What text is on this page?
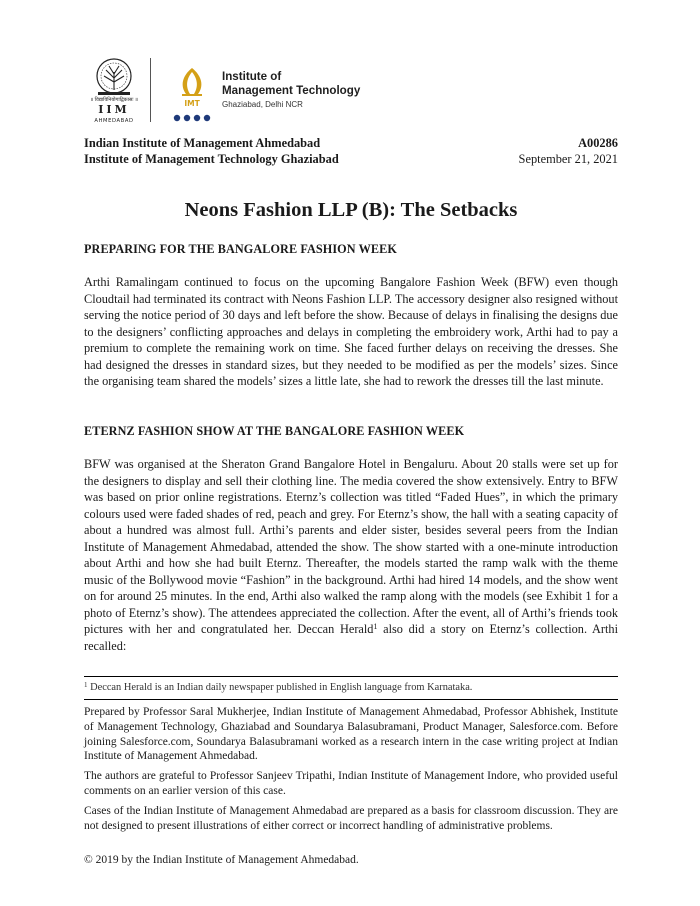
॥ विद्याविनियोगाद्विकासः ॥
IIM
AHMEDABAD
IMT
Institute of
Management Technology
Ghaziabad, Delhi NCR
Indian Institute of Management Ahmedabad	A00286
Institute of Management Technology Ghaziabad	September 21, 2021
Neons Fashion LLP (B): The Setbacks
PREPARING FOR THE BANGALORE FASHION WEEK
Arthi Ramalingam continued to focus on the upcoming Bangalore Fashion Week (BFW) even though Cloudtail had terminated its contract with Neons Fashion LLP. The accessory designer also resigned without serving the notice period of 30 days and left before the show. Because of delays in finalising the designs due to the designers’ conflicting approaches and delays in completing the embroidery work, Arthi had to pay a premium to complete the remaining work on time. She faced further delays on receiving the dresses. She had designed the dresses in standard sizes, but they needed to be modified as per the models’ sizes. Since the organising team shared the models’ sizes a little late, she had to rework the dresses till the last minute.
ETERNZ FASHION SHOW AT THE BANGALORE FASHION WEEK
BFW was organised at the Sheraton Grand Bangalore Hotel in Bengaluru. About 20 stalls were set up for the designers to display and sell their clothing line. The media covered the show extensively. Entry to BFW was based on prior online registrations. Eternz’s collection was titled “Faded Hues”, in which the primary colours used were faded shades of red, peach and grey. For Eternz’s show, the hall with a seating capacity of about a hundred was almost full. Arthi’s parents and elder sister, besides several peers from the Indian Institute of Management Ahmedabad, attended the show. The show started with a one-minute introduction about Arthi and how she had built Eternz. Thereafter, the models started the ramp walk with the theme music of the Bollywood movie “Fashion” in the background. Arthi had hired 14 models, and the show went on for around 25 minutes. In the end, Arthi also walked the ramp along with the models (see Exhibit 1 for a photo of Eternz’s show). The attendees appreciated the collection. After the event, all of Arthi’s friends took pictures with her and congratulated her. Deccan Herald$^1$ also did a story on Eternz’s collection. Arthi recalled:
$^1$ Deccan Herald is an Indian daily newspaper published in English language from Karnataka.
Prepared by Professor Saral Mukherjee, Indian Institute of Management Ahmedabad, Professor Abhishek, Institute of Management Technology, Ghaziabad and Soundarya Balasubramani, Product Manager, Salesforce.com. Before joining Salesforce.com, Soundarya Balasubramani worked as a research intern in the case writing project at Indian Institute of Management Ahmedabad.
The authors are grateful to Professor Sanjeev Tripathi, Indian Institute of Management Indore, who provided useful comments on an earlier version of this case.
Cases of the Indian Institute of Management Ahmedabad are prepared as a basis for classroom discussion. They are not designed to present illustrations of either correct or incorrect handling of administrative problems.
© 2019 by the Indian Institute of Management Ahmedabad.
